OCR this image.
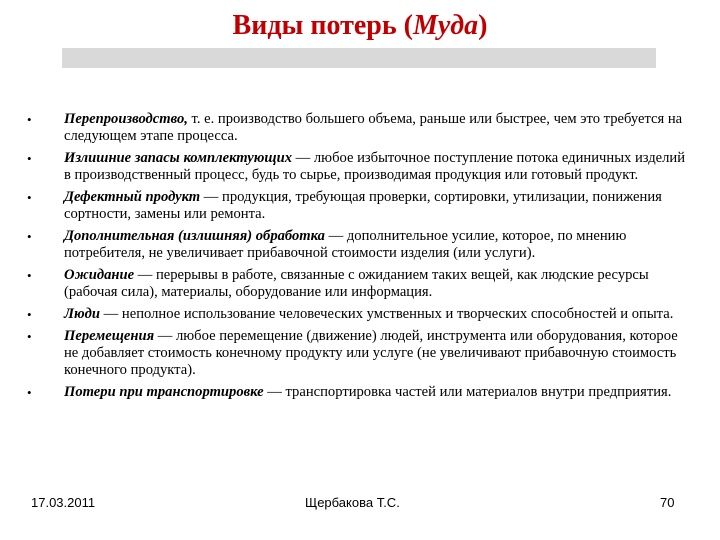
Виды потерь (Муда)
•	Перепроизводство, т. е. производство большего объема, раньше или быстрее, чем это требуется на следующем этапе процесса.
•	Излишние запасы комплектующих — любое избыточное поступление потока единичных изделий в производственный процесс, будь то сырье, производимая продукция или готовый продукт.
•	Дефектный продукт — продукция, требующая проверки, сортировки, утилизации, понижения сортности, замены или ремонта.
•	Дополнительная (излишняя) обработка — дополнительное усилие, которое, по мнению потребителя, не увеличивает прибавочной стоимости изделия (или услуги).
•	Ожидание — перерывы в работе, связанные с ожиданием таких вещей, как людские ресурсы (рабочая сила), материалы, оборудование или информация.
•	Люди — неполное использование человеческих умственных и творческих способностей и опыта.
•	Перемещения — любое перемещение (движение) людей, инструмента или оборудования, которое не добавляет стоимость конечному продукту или услуге (не увеличивают прибавочную стоимость конечного продукта).
•	Потери при транспортировке — транспортировка частей или материалов внутри предприятия.
17.03.2011	Щербакова Т.С.	70
